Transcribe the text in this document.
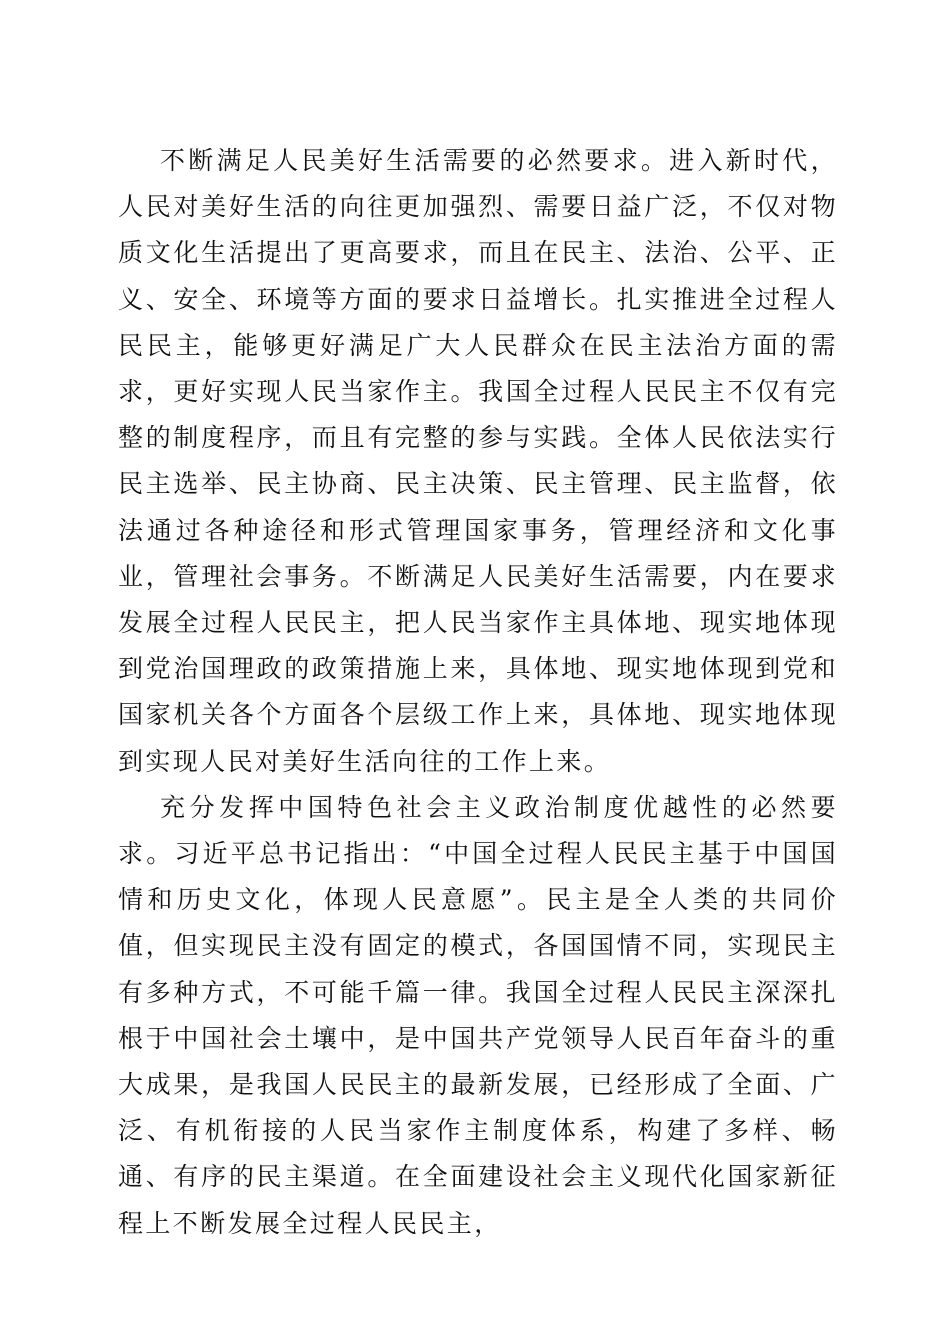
不断满足人民美好生活需要的必然要求。进入新时代，人民对美好生活的向往更加强烈、需要日益广泛，不仅对物质文化生活提出了更高要求，而且在民主、法治、公平、正义、安全、环境等方面的要求日益增长。扎实推进全过程人民民主，能够更好满足广大人民群众在民主法治方面的需求，更好实现人民当家作主。我国全过程人民民主不仅有完整的制度程序，而且有完整的参与实践。全体人民依法实行民主选举、民主协商、民主决策、民主管理、民主监督，依法通过各种途径和形式管理国家事务，管理经济和文化事业，管理社会事务。不断满足人民美好生活需要，内在要求发展全过程人民民主，把人民当家作主具体地、现实地体现到党治国理政的政策措施上来，具体地、现实地体现到党和国家机关各个方面各个层级工作上来，具体地、现实地体现到实现人民对美好生活向往的工作上来。

充分发挥中国特色社会主义政治制度优越性的必然要求。习近平总书记指出：“中国全过程人民民主基于中国国情和历史文化，体现人民意愿”。民主是全人类的共同价值，但实现民主没有固定的模式，各国国情不同，实现民主有多种方式，不可能千篇一律。我国全过程人民民主深深扎根于中国社会土壤中，是中国共产党领导人民百年奋斗的重大成果，是我国人民民主的最新发展，已经形成了全面、广泛、有机衔接的人民当家作主制度体系，构建了多样、畅通、有序的民主渠道。在全面建设社会主义现代化国家新征程上不断发展全过程人民民主，
